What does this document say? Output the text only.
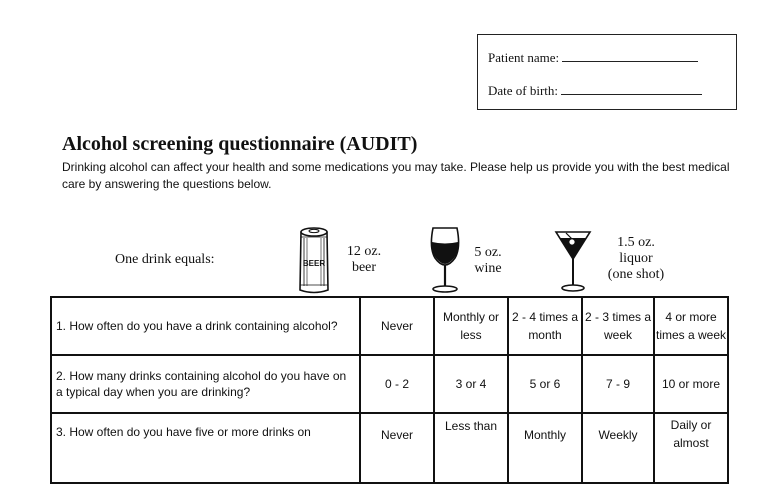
Patient name:
Date of birth:
Alcohol screening questionnaire (AUDIT)

Drinking alcohol can affect your health and some medications you may take. Please help us provide you with the best medical care by answering the questions below.

One drink equals:	BEER
12 oz.
beer
5 oz.
wine
1.5 oz.
liquor
(one shot)
1. How often do you have a drink containing alcohol?	Never	Monthly or less	2 - 4 times a month	2 - 3 times a week	4 or more times a week
2. How many drinks containing alcohol do you have on a typical day when you are drinking?	0 - 2	3 or 4	5 or 6	7 - 9	10 or more
3. How often do you have five or more drinks on	Never	Less than	Monthly	Weekly	Daily or almost
